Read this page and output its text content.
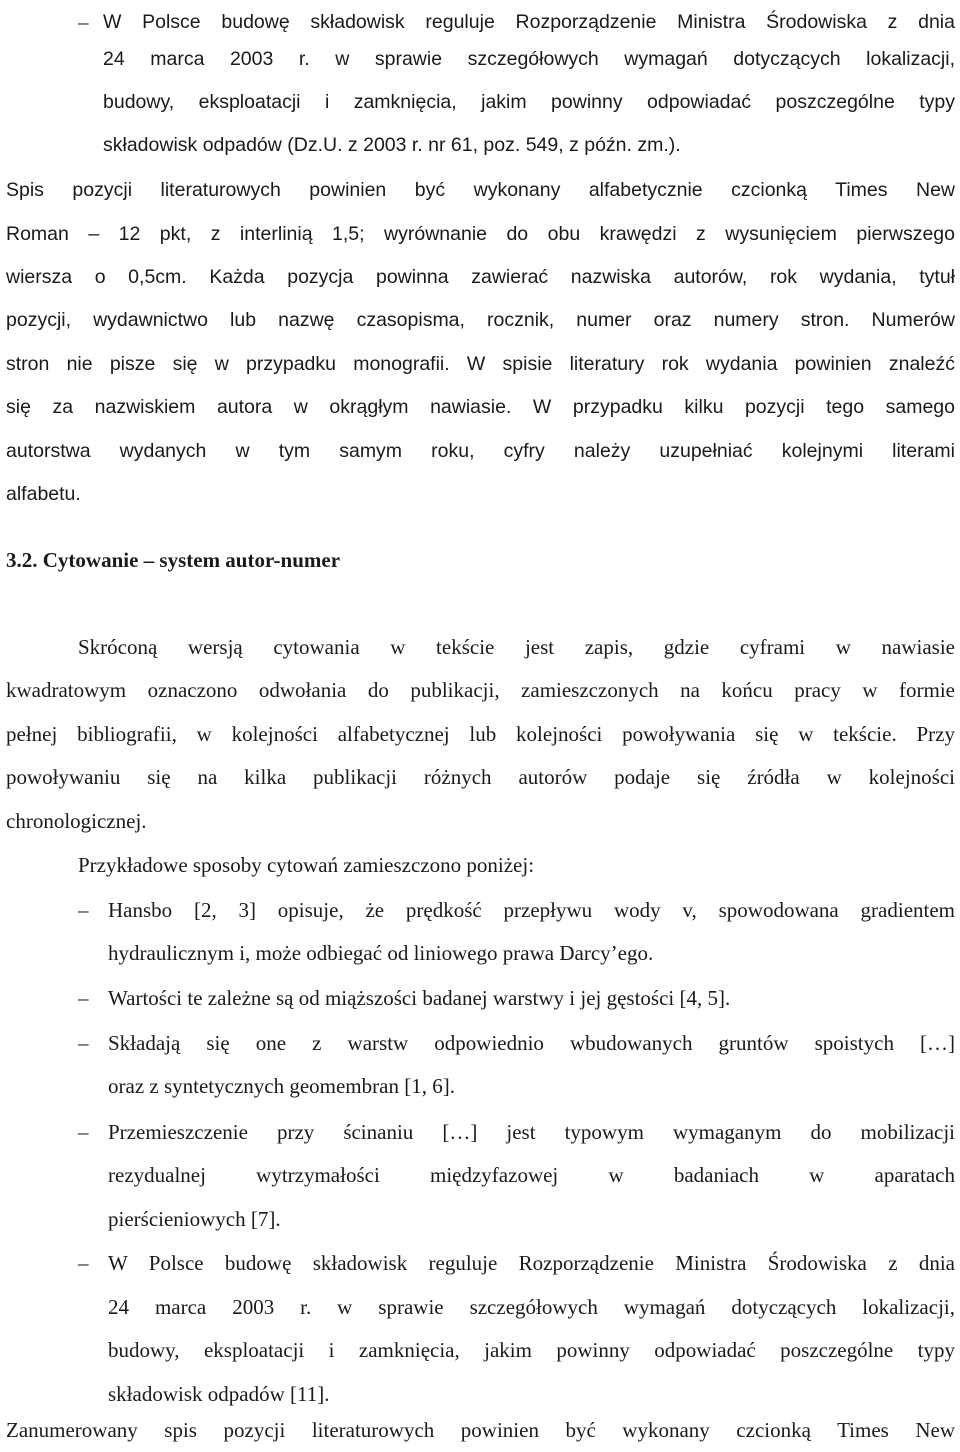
– W Polsce budowę składowisk reguluje Rozporządzenie Ministra Środowiska z dnia
24 marca 2003 r. w sprawie szczegółowych wymagań dotyczących lokalizacji,
budowy, eksploatacji i zamknięcia, jakim powinny odpowiadać poszczególne typy
składowisk odpadów (Dz.U. z 2003 r. nr 61, poz. 549, z późn. zm.).
Spis pozycji literaturowych powinien być wykonany alfabetycznie czcionką Times New
Roman – 12 pkt, z interlinią 1,5; wyrównanie do obu krawędzi z wysunięciem pierwszego
wiersza o 0,5cm. Każda pozycja powinna zawierać nazwiska autorów, rok wydania, tytuł
pozycji, wydawnictwo lub nazwę czasopisma, rocznik, numer oraz numery stron. Numerów
stron nie pisze się w przypadku monografii. W spisie literatury rok wydania powinien znaleźć
się za nazwiskiem autora w okrągłym nawiasie. W przypadku kilku pozycji tego samego
autorstwa wydanych w tym samym roku, cyfry należy uzupełniać kolejnymi literami
alfabetu.
3.2. Cytowanie – system autor-numer
Skróconą wersją cytowania w tekście jest zapis, gdzie cyframi w nawiasie
kwadratowym oznaczono odwołania do publikacji, zamieszczonych na końcu pracy w formie
pełnej bibliografii, w kolejności alfabetycznej lub kolejności powoływania się w tekście. Przy
powoływaniu się na kilka publikacji różnych autorów podaje się źródła w kolejności
chronologicznej.
Przykładowe sposoby cytowań zamieszczono poniżej:
– Hansbo [2, 3] opisuje, że prędkość przepływu wody v, spowodowana gradientem
hydraulicznym i, może odbiegać od liniowego prawa Darcy’ego.
– Wartości te zależne są od miąższości badanej warstwy i jej gęstości [4, 5].
– Składają się one z warstw odpowiednio wbudowanych gruntów spoistych […]
oraz z syntetycznych geomembran [1, 6].
– Przemieszczenie przy ścinaniu […] jest typowym wymaganym do mobilizacji
rezydualnej wytrzymałości międzyfazowej w badaniach w aparatach
pierścieniowych [7].
– W Polsce budowę składowisk reguluje Rozporządzenie Ministra Środowiska z dnia
24 marca 2003 r. w sprawie szczegółowych wymagań dotyczących lokalizacji,
budowy, eksploatacji i zamknięcia, jakim powinny odpowiadać poszczególne typy
składowisk odpadów [11].
Zanumerowany spis pozycji literaturowych powinien być wykonany czcionką Times New
